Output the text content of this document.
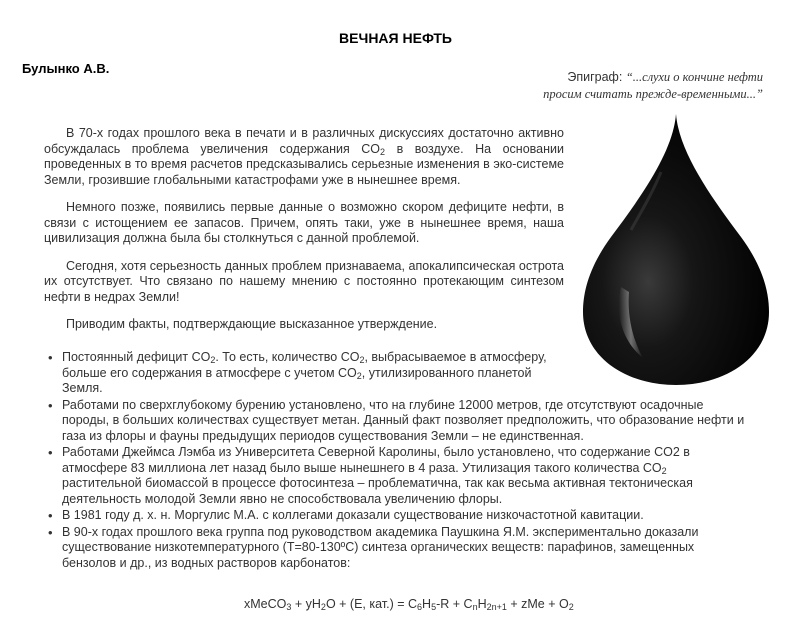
ВЕЧНАЯ НЕФТЬ
Булынко А.В.
Эпиграф: “...слухи о кончине нефти
просим считать прежде-временными...”

В 70-х годах прошлого века в печати и в различных дискуссиях достаточно активно обсуждалась проблема увеличения содержания $CO_2$ в воздухе. На основании проведенных в то время расчетов предсказывались серьезные изменения в эко-системе Земли, грозившие глобальными катастрофами уже в нынешнее время.

Немного позже, появились первые данные о возможно скором дефиците нефти, в связи с истощением ее запасов. Причем, опять таки, уже в нынешнее время, наша цивилизация должна была бы столкнуться с данной проблемой.

Сегодня, хотя серьезность данных проблем признаваема, апокалипсическая острота их отсутствует. Что связано по нашему мнению с постоянно протекающим синтезом нефти в недрах Земли!

Приводим факты, подтверждающие высказанное утверждение.

• Постоянный дефицит $CO_2$. То есть, количество $CO_2$, выбрасываемое в атмосферу, больше его содержания в атмосфере с учетом $CO_2$, утилизированного планетой Земля.
• Работами по сверхглубокому бурению установлено, что на глубине 12000 метров, где отсутствуют осадочные породы, в больших количествах существует метан. Данный факт позволяет предположить, что образование нефти и газа из флоры и фауны предыдущих периодов существования Земли – не единственная.
• Работами Джеймса Лэмба из Университета Северной Каролины, было установлено, что содержание CO2 в атмосфере 83 миллиона лет назад было выше нынешнего в 4 раза. Утилизация такого количества $CO_2$ растительной биомассой в процессе фотосинтеза – проблематична, так как весьма активная тектоническая деятельность молодой Земли явно не способствовала увеличению флоры.
• В 1981 году д. х. н. Моргулис М.А. с коллегами доказали существование низкочастотной кавитации.
• В 90-х годах прошлого века группа под руководством академика Паушкина Я.М. экспериментально доказали существование низкотемпературного (T=80-130ºC) синтеза органических веществ: парафинов, замещенных бензолов и др., из водных растворов карбонатов:
xMeCO$_3$ + $yH_2O + (E$, $кат.) = C_6H_5-R + C_nH_{2n+1}$ + zMe + $O_2$
